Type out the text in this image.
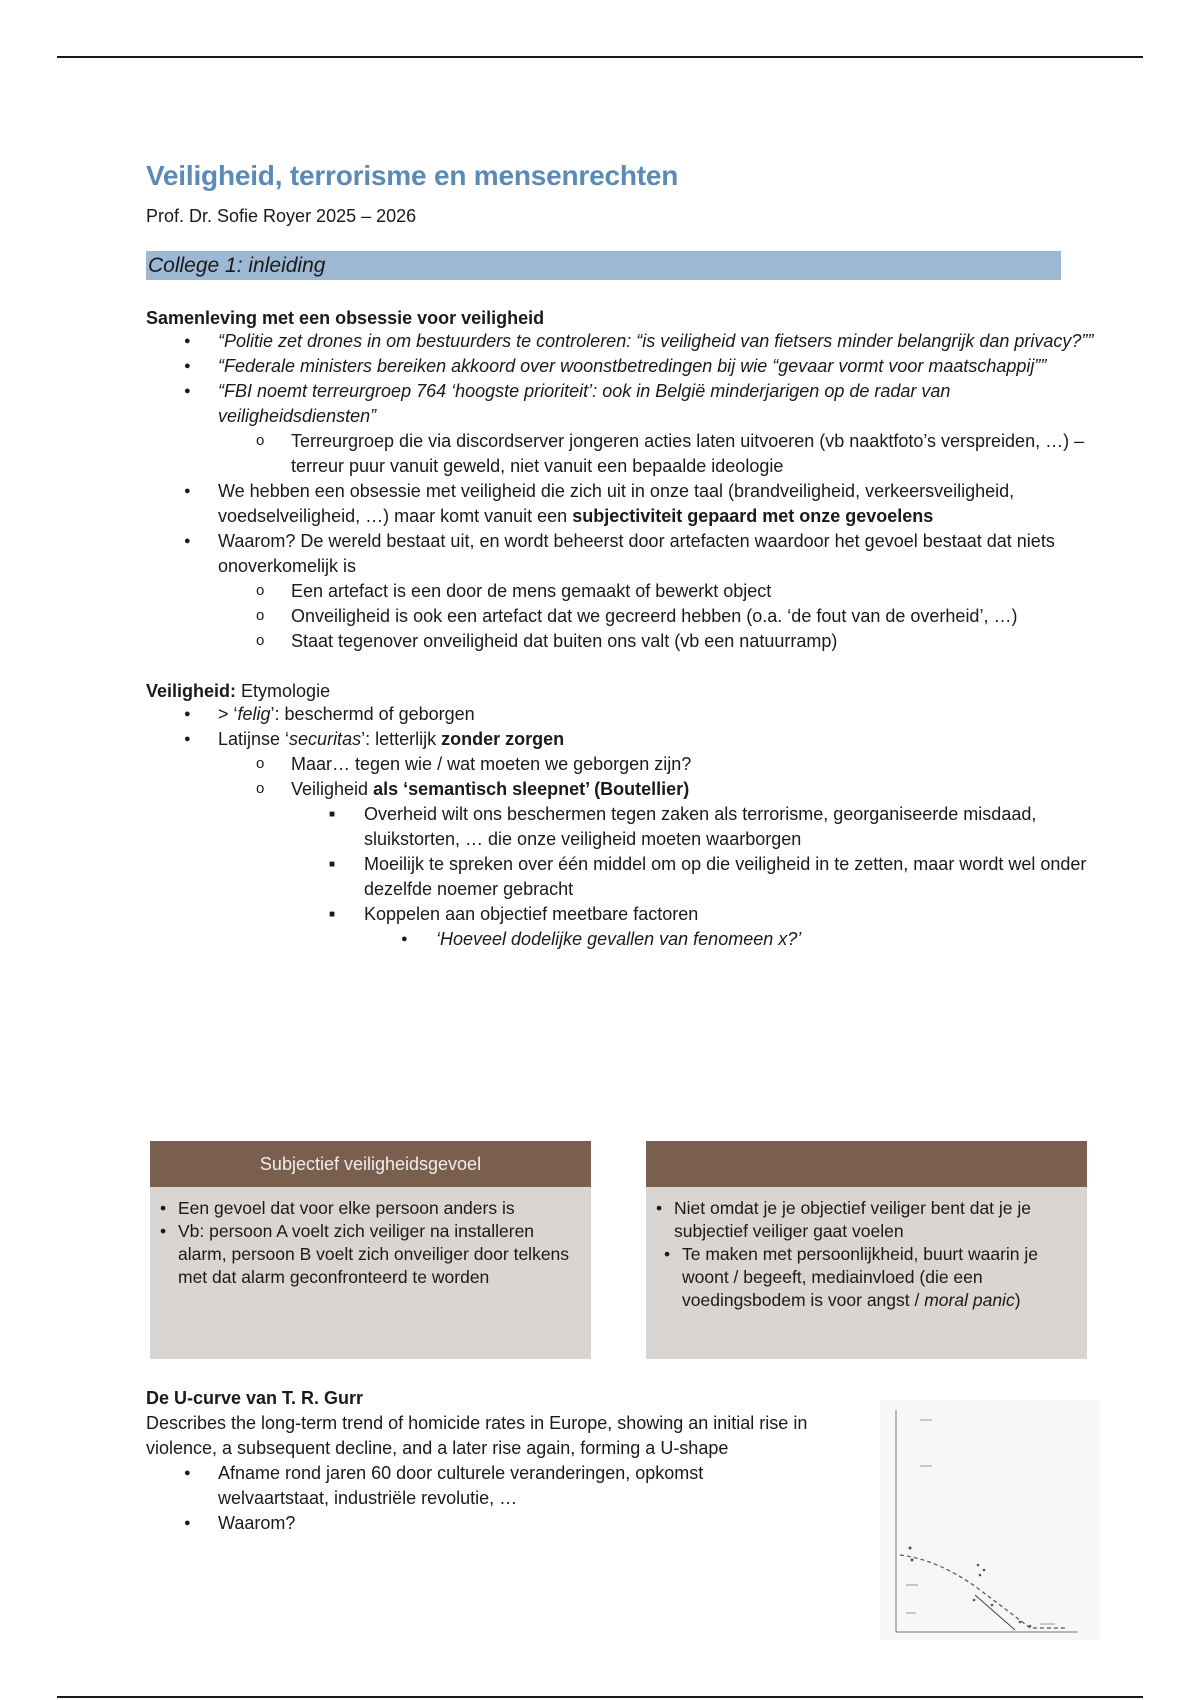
Veiligheid, terrorisme en mensenrechten

Prof. Dr. Sofie Royer 2025 – 2026

College 1: inleiding
Samenleving met een obsessie voor veiligheid
● “Politie zet drones in om bestuurders te controleren: “is veiligheid van fietsers minder belangrijk dan privacy?””
● “Federale ministers bereiken akkoord over woonstbetredingen bij wie “gevaar vormt voor maatschappij””
● “FBI noemt terreurgroep 764 ‘hoogste prioriteit’: ook in België minderjarigen op de radar van veiligheidsdiensten”
o Terreurgroep die via discordserver jongeren acties laten uitvoeren (vb naaktfoto’s verspreiden, …) – terreur puur vanuit geweld, niet vanuit een bepaalde ideologie
● We hebben een obsessie met veiligheid die zich uit in onze taal (brandveiligheid, verkeersveiligheid, voedselveiligheid, …) maar komt vanuit een subjectiviteit gepaard met onze gevoelens
● Waarom? De wereld bestaat uit, en wordt beheerst door artefacten waardoor het gevoel bestaat dat niets onoverkomelijk is
o Een artefact is een door de mens gemaakt of bewerkt object
o Onveiligheid is ook een artefact dat we gecreerd hebben (o.a. ‘de fout van de overheid’, …)
o Staat tegenover onveiligheid dat buiten ons valt (vb een natuurramp)
Veiligheid: Etymologie
● > ‘felig’: beschermd of geborgen
● Latijnse ‘securitas’: letterlijk zonder zorgen
o Maar… tegen wie / wat moeten we geborgen zijn?
o Veiligheid als ‘semantisch sleepnet’ (Boutellier)
■ Overheid wilt ons beschermen tegen zaken als terrorisme, georganiseerde misdaad, sluikstorten, … die onze veiligheid moeten waarborgen
■ Moeilijk te spreken over één middel om op die veiligheid in te zetten, maar wordt wel onder dezelfde noemer gebracht
■ Koppelen aan objectief meetbare factoren
● ‘Hoeveel dodelijke gevallen van fenomeen x?’
Subjectief veiligheidsgevoel
• Een gevoel dat voor elke persoon anders is
• Vb: persoon A voelt zich veiliger na installeren alarm, persoon B voelt zich onveiliger door telkens met dat alarm geconfronteerd te worden
• Niet omdat je je objectief veiliger bent dat je je subjectief veiliger gaat voelen
• Te maken met persoonlijkheid, buurt waarin je woont / begeeft, mediainvloed (die een voedingsbodem is voor angst / moral panic)

De U-curve van T. R. Gurr

Describes the long-term trend of homicide rates in Europe, showing an initial rise in violence, a subsequent decline, and a later rise again, forming a U-shape

● Afname rond jaren 60 door culturele veranderingen, opkomst welvaartstaat, industriële revolutie, …
● Waarom?
